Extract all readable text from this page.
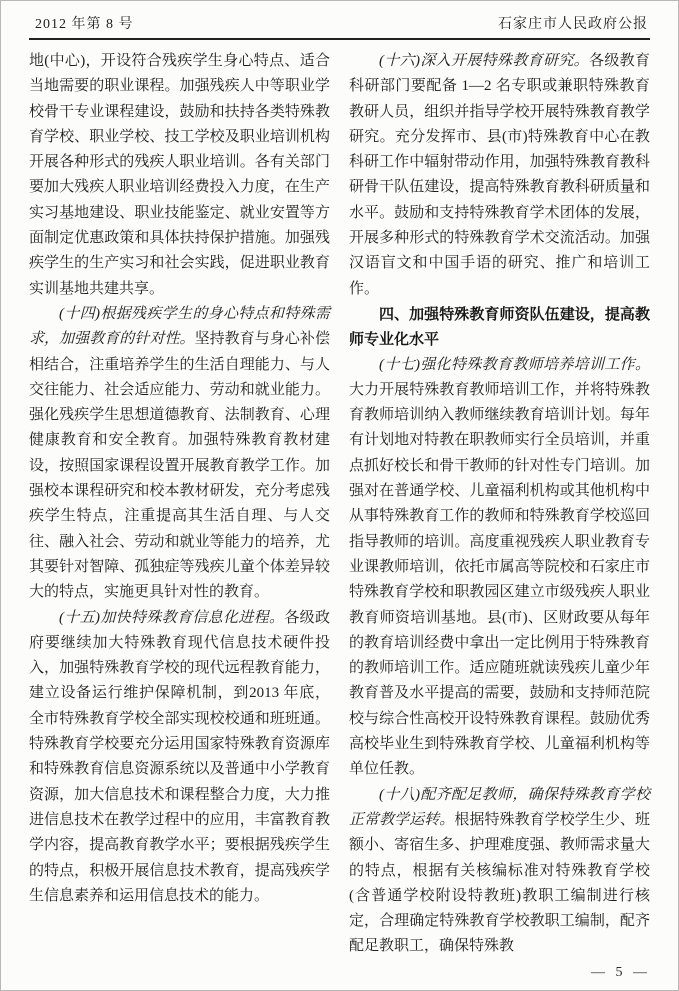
2012 年第 8 号	石家庄市人民政府公报

地(中心)，开设符合残疾学生身心特点、适合当地需要的职业课程。加强残疾人中等职业学校骨干专业课程建设，鼓励和扶持各类特殊教育学校、职业学校、技工学校及职业培训机构开展各种形式的残疾人职业培训。各有关部门要加大残疾人职业培训经费投入力度，在生产实习基地建设、职业技能鉴定、就业安置等方面制定优惠政策和具体扶持保护措施。加强残疾学生的生产实习和社会实践，促进职业教育实训基地共建共享。

(十四)根据残疾学生的身心特点和特殊需求，加强教育的针对性。坚持教育与身心补偿相结合，注重培养学生的生活自理能力、与人交往能力、社会适应能力、劳动和就业能力。强化残疾学生思想道德教育、法制教育、心理健康教育和安全教育。加强特殊教育教材建设，按照国家课程设置开展教育教学工作。加强校本课程研究和校本教材研发，充分考虑残疾学生特点，注重提高其生活自理、与人交往、融入社会、劳动和就业等能力的培养，尤其要针对智障、孤独症等残疾儿童个体差异较大的特点，实施更具针对性的教育。

(十五)加快特殊教育信息化进程。各级政府要继续加大特殊教育现代信息技术硬件投入，加强特殊教育学校的现代远程教育能力，建立设备运行维护保障机制，到2013 年底，全市特殊教育学校全部实现校校通和班班通。特殊教育学校要充分运用国家特殊教育资源库和特殊教育信息资源系统以及普通中小学教育资源，加大信息技术和课程整合力度，大力推进信息技术在教学过程中的应用，丰富教育教学内容，提高教育教学水平；要根据残疾学生的特点，积极开展信息技术教育，提高残疾学生信息素养和运用信息技术的能力。

(十六)深入开展特殊教育研究。各级教育科研部门要配备 1—2 名专职或兼职特殊教育教研人员，组织并指导学校开展特殊教育教学研究。充分发挥市、县(市)特殊教育中心在教科研工作中辐射带动作用，加强特殊教育教科研骨干队伍建设，提高特殊教育教科研质量和水平。鼓励和支持特殊教育学术团体的发展，开展多种形式的特殊教育学术交流活动。加强汉语盲文和中国手语的研究、推广和培训工作。

四、加强特殊教育师资队伍建设，提高教师专业化水平

(十七)强化特殊教育教师培养培训工作。大力开展特殊教育教师培训工作，并将特殊教育教师培训纳入教师继续教育培训计划。每年有计划地对特教在职教师实行全员培训，并重点抓好校长和骨干教师的针对性专门培训。加强对在普通学校、儿童福利机构或其他机构中从事特殊教育工作的教师和特殊教育学校巡回指导教师的培训。高度重视残疾人职业教育专业课教师培训，依托市属高等院校和石家庄市特殊教育学校和职教园区建立市级残疾人职业教育师资培训基地。县(市)、区财政要从每年的教育培训经费中拿出一定比例用于特殊教育的教师培训工作。适应随班就读残疾儿童少年教育普及水平提高的需要，鼓励和支持师范院校与综合性高校开设特殊教育课程。鼓励优秀高校毕业生到特殊教育学校、儿童福利机构等单位任教。

(十八)配齐配足教师，确保特殊教育学校正常教学运转。根据特殊教育学校学生少、班额小、寄宿生多、护理难度强、教师需求量大的特点，根据有关核编标准对特殊教育学校(含普通学校附设特教班)教职工编制进行核定，合理确定特殊教育学校教职工编制，配齐配足教职工，确保特殊教

— 5 —
